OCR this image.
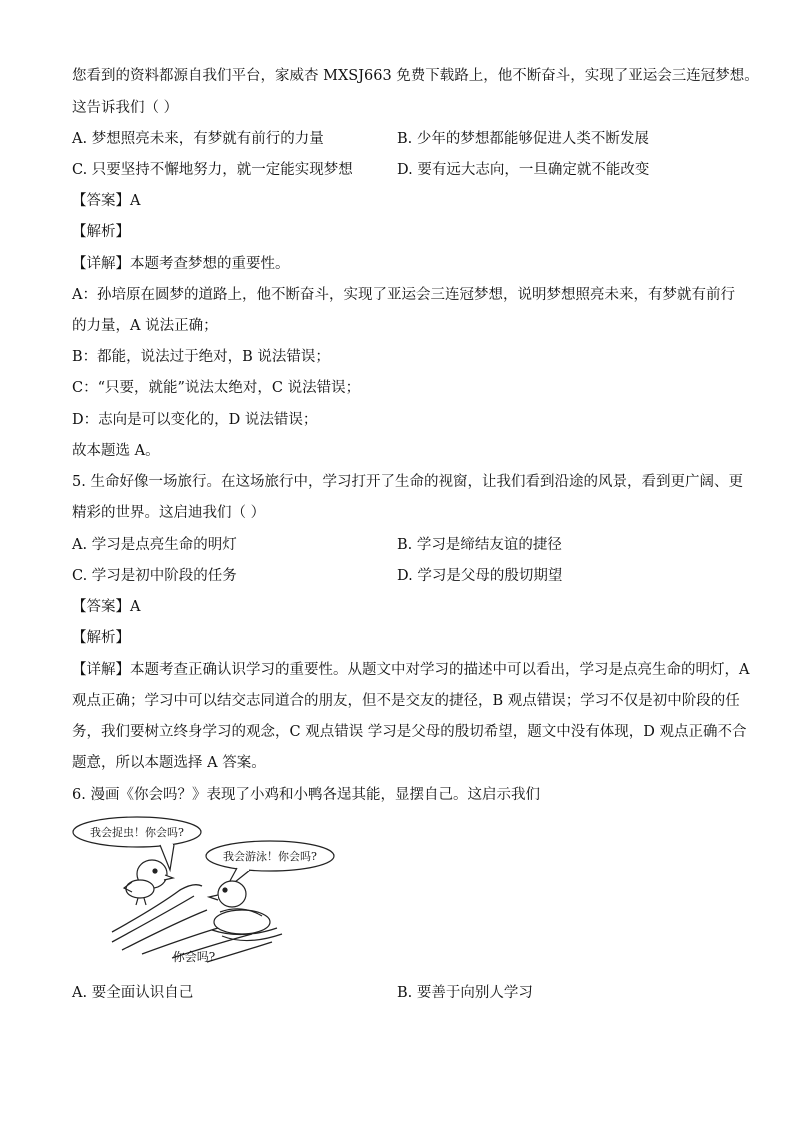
您看到的资料都源自我们平台，家威杏 MXSJ663 免费下载路上，他不断奋斗，实现了亚运会三连冠梦想。
这告诉我们（ ）
A. 梦想照亮未来，有梦就有前行的力量	B. 少年的梦想都能够促进人类不断发展
C. 只要坚持不懈地努力，就一定能实现梦想	D. 要有远大志向，一旦确定就不能改变
【答案】A
【解析】
【详解】本题考查梦想的重要性。
A：孙培原在圆梦的道路上，他不断奋斗，实现了亚运会三连冠梦想，说明梦想照亮未来，有梦就有前行
的力量，A 说法正确；
B：都能，说法过于绝对，B 说法错误；
C：“只要，就能”说法太绝对，C 说法错误；
D：志向是可以变化的，D 说法错误；
故本题选 A。
5. 生命好像一场旅行。在这场旅行中，学习打开了生命的视窗，让我们看到沿途的风景，看到更广阔、更
精彩的世界。这启迪我们（ ）
A. 学习是点亮生命的明灯	B. 学习是缔结友谊的捷径
C. 学习是初中阶段的任务	D. 学习是父母的殷切期望
【答案】A
【解析】
【详解】本题考查正确认识学习的重要性。从题文中对学习的描述中可以看出，学习是点亮生命的明灯，A
观点正确；学习中可以结交志同道合的朋友，但不是交友的捷径，B 观点错误；学习不仅是初中阶段的任
务，我们要树立终身学习的观念，C 观点错误 学习是父母的殷切希望，题文中没有体现，D 观点正确不合
题意，所以本题选择 A 答案。
6. 漫画《你会吗？》表现了小鸡和小鸭各逞其能，显摆自己。这启示我们
我会捉虫！你会吗?
我会游泳！你会吗?
你会吗?
A. 要全面认识自己	B. 要善于向别人学习
